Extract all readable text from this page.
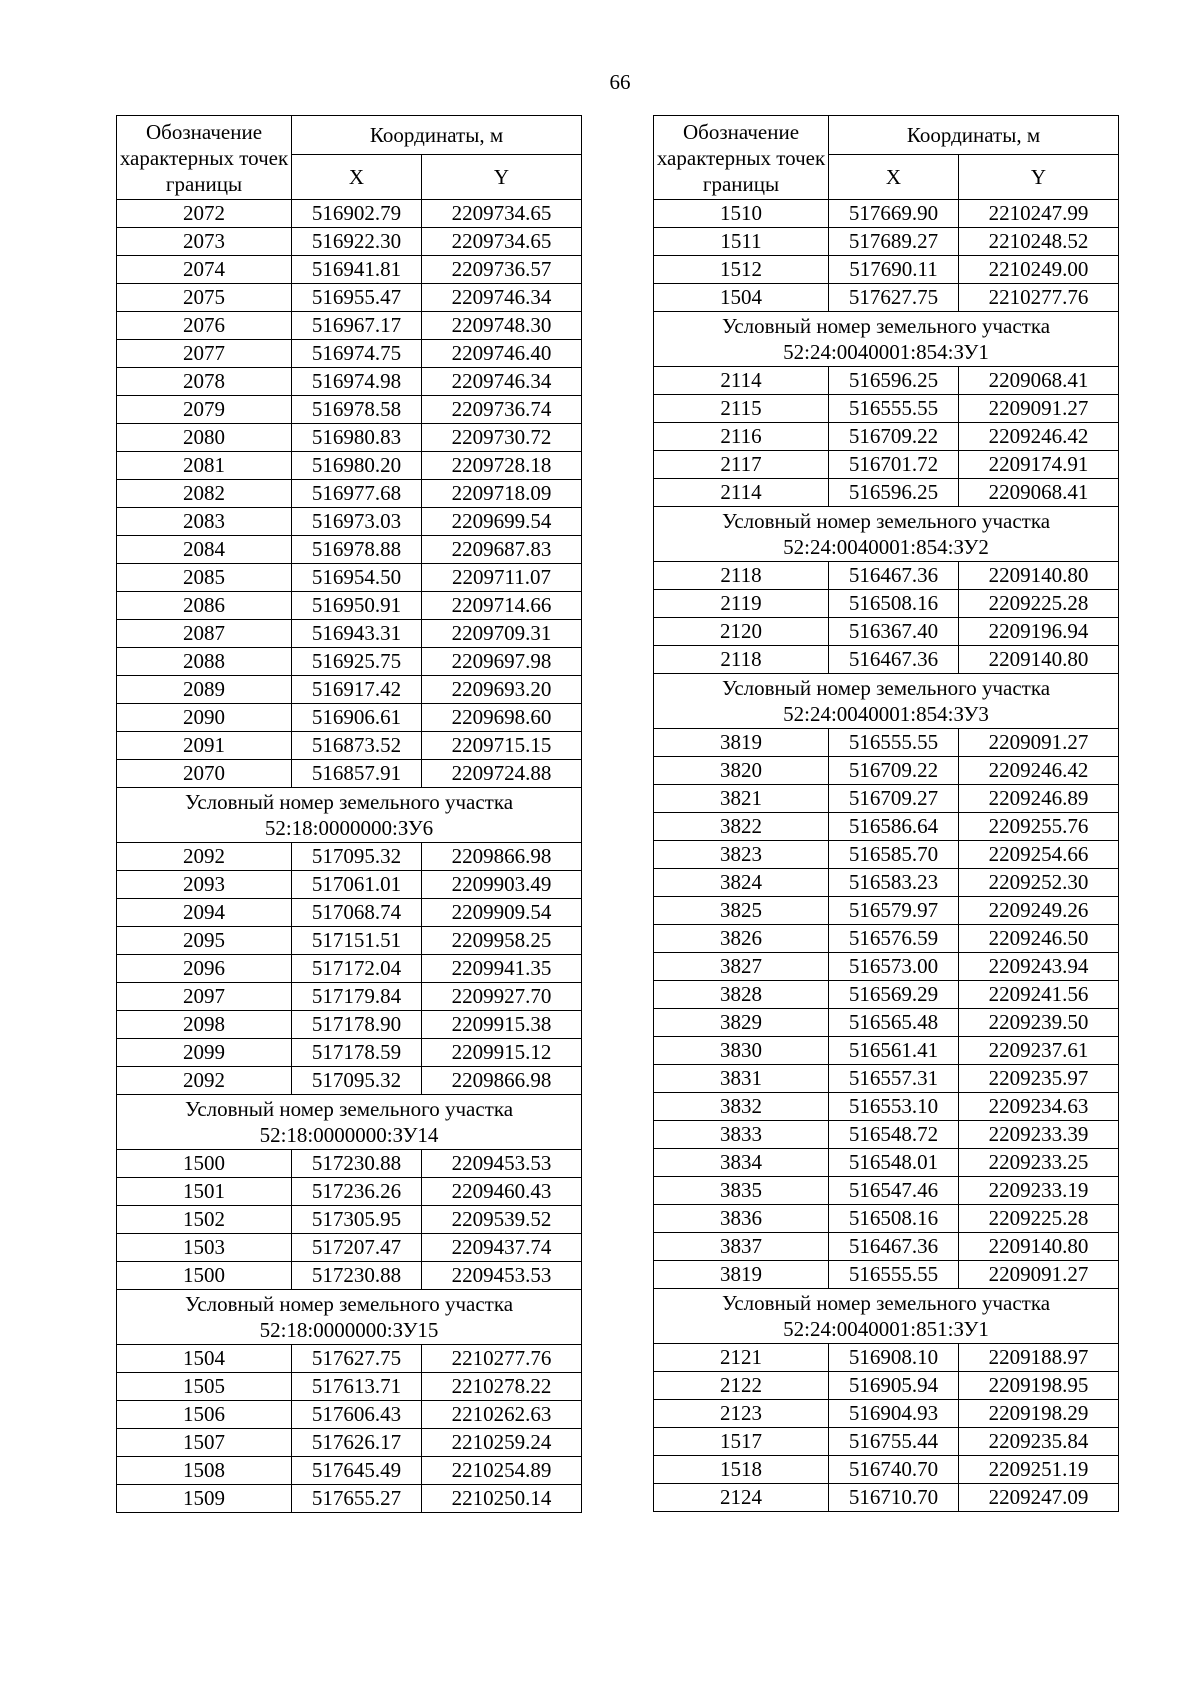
66
Обозначение характерных точек границы	Координаты, м	
	X	Y
2072	516902.79	2209734.65
2073	516922.30	2209734.65
2074	516941.81	2209736.57
2075	516955.47	2209746.34
2076	516967.17	2209748.30
2077	516974.75	2209746.40
2078	516974.98	2209746.34
2079	516978.58	2209736.74
2080	516980.83	2209730.72
2081	516980.20	2209728.18
2082	516977.68	2209718.09
2083	516973.03	2209699.54
2084	516978.88	2209687.83
2085	516954.50	2209711.07
2086	516950.91	2209714.66
2087	516943.31	2209709.31
2088	516925.75	2209697.98
2089	516917.42	2209693.20
2090	516906.61	2209698.60
2091	516873.52	2209715.15
2070	516857.91	2209724.88
Условный номер земельного участка 52:18:0000000:ЗУ6		
2092	517095.32	2209866.98
2093	517061.01	2209903.49
2094	517068.74	2209909.54
2095	517151.51	2209958.25
2096	517172.04	2209941.35
2097	517179.84	2209927.70
2098	517178.90	2209915.38
2099	517178.59	2209915.12
2092	517095.32	2209866.98
Условный номер земельного участка 52:18:0000000:ЗУ14		
1500	517230.88	2209453.53
1501	517236.26	2209460.43
1502	517305.95	2209539.52
1503	517207.47	2209437.74
1500	517230.88	2209453.53
Условный номер земельного участка 52:18:0000000:ЗУ15		
1504	517627.75	2210277.76
1505	517613.71	2210278.22
1506	517606.43	2210262.63
1507	517626.17	2210259.24
1508	517645.49	2210254.89
1509	517655.27	2210250.14
Обозначение характерных точек границы	Координаты, м	
	X	Y
1510	517669.90	2210247.99
1511	517689.27	2210248.52
1512	517690.11	2210249.00
1504	517627.75	2210277.76
Условный номер земельного участка 52:24:0040001:854:ЗУ1		
2114	516596.25	2209068.41
2115	516555.55	2209091.27
2116	516709.22	2209246.42
2117	516701.72	2209174.91
2114	516596.25	2209068.41
Условный номер земельного участка 52:24:0040001:854:ЗУ2		
2118	516467.36	2209140.80
2119	516508.16	2209225.28
2120	516367.40	2209196.94
2118	516467.36	2209140.80
Условный номер земельного участка 52:24:0040001:854:ЗУ3		
3819	516555.55	2209091.27
3820	516709.22	2209246.42
3821	516709.27	2209246.89
3822	516586.64	2209255.76
3823	516585.70	2209254.66
3824	516583.23	2209252.30
3825	516579.97	2209249.26
3826	516576.59	2209246.50
3827	516573.00	2209243.94
3828	516569.29	2209241.56
3829	516565.48	2209239.50
3830	516561.41	2209237.61
3831	516557.31	2209235.97
3832	516553.10	2209234.63
3833	516548.72	2209233.39
3834	516548.01	2209233.25
3835	516547.46	2209233.19
3836	516508.16	2209225.28
3837	516467.36	2209140.80
3819	516555.55	2209091.27
Условный номер земельного участка 52:24:0040001:851:ЗУ1		
2121	516908.10	2209188.97
2122	516905.94	2209198.95
2123	516904.93	2209198.29
1517	516755.44	2209235.84
1518	516740.70	2209251.19
2124	516710.70	2209247.09
